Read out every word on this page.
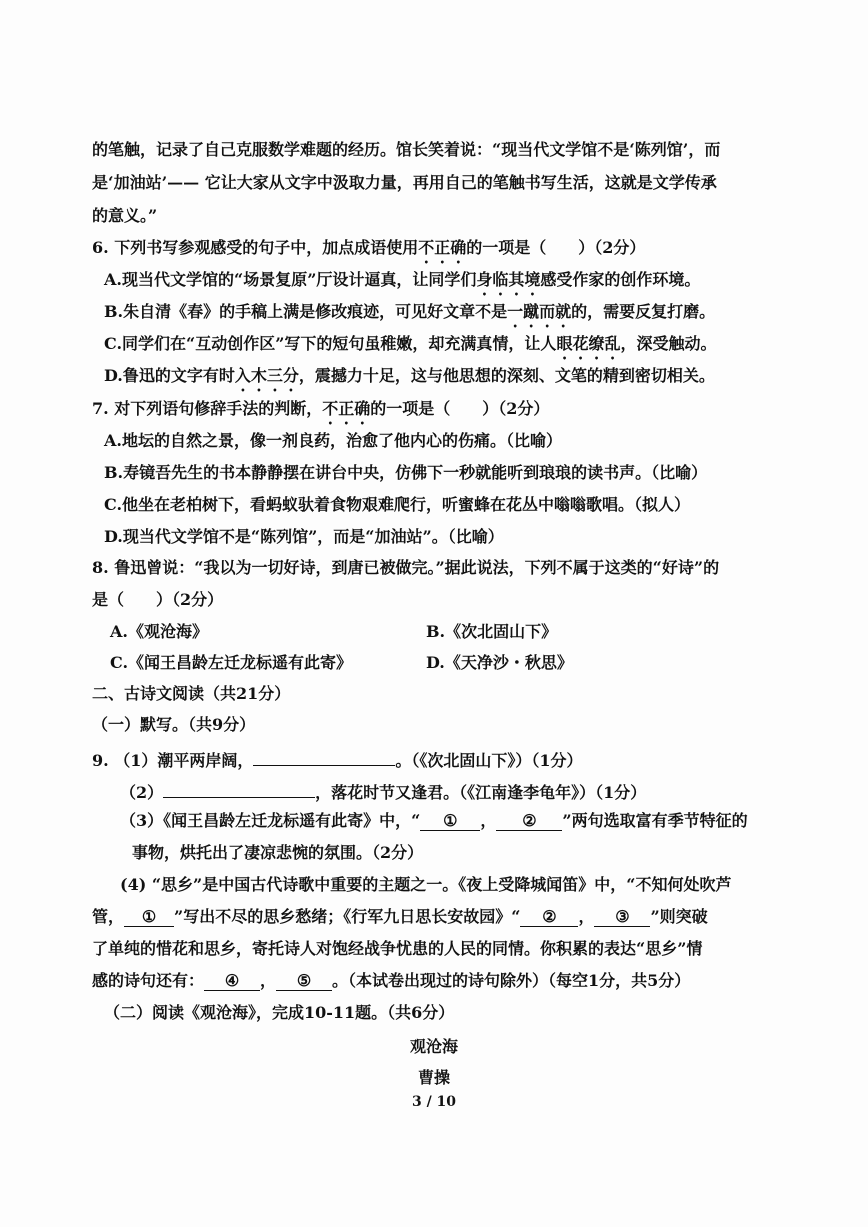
的笔触，记录了自己克服数学难题的经历。馆长笑着说：“现当代文学馆不是‘陈列馆’，而
是‘加油站’—— 它让大家从文字中汲取力量，再用自己的笔触书写生活，这就是文学传承
的意义。”
6. 下列书写参观感受的句子中，加点成语使用不正确的一项是（　　）（2分）
A.现当代文学馆的“场景复原”厅设计逼真，让同学们身临其境感受作家的创作环境。
B.朱自清《春》的手稿上满是修改痕迹，可见好文章不是一蹴而就的，需要反复打磨。
C.同学们在“互动创作区”写下的短句虽稚嫩，却充满真情，让人眼花缭乱，深受触动。
D.鲁迅的文字有时入木三分，震撼力十足，这与他思想的深刻、文笔的精到密切相关。
7. 对下列语句修辞手法的判断，不正确的一项是（　　）（2分）
A.地坛的自然之景，像一剂良药，治愈了他内心的伤痛。（比喻）
B.寿镜吾先生的书本静静摆在讲台中央，仿佛下一秒就能听到琅琅的读书声。（比喻）
C.他坐在老柏树下，看蚂蚁驮着食物艰难爬行，听蜜蜂在花丛中嗡嗡歌唱。（拟人）
D.现当代文学馆不是“陈列馆”，而是“加油站”。（比喻）
8. 鲁迅曾说：“我以为一切好诗，到唐已被做完。”据此说法，下列不属于这类的“好诗”的
是（　　）（2分）
A.《观沧海》	B.《次北固山下》
C.《闻王昌龄左迁龙标遥有此寄》	D.《天净沙・秋思》
二、古诗文阅读（共21分）
（一）默写。（共9分）
9. （1）潮平两岸阔，	。（《次北固山下》）（1分）
（2）	，落花时节又逢君。（《江南逢李龟年》）（1分）
（3）《闻王昌龄左迁龙标遥有此寄》中，“ ① ， ② ”两句选取富有季节特征的
事物，烘托出了凄凉悲惋的氛围。（2分）
(4) “思乡”是中国古代诗歌中重要的主题之一。《夜上受降城闻笛》中，“不知何处吹芦
管， ① ”写出不尽的思乡愁绪；《行军九日思长安故园》“ ② ， ③ ”则突破
了单纯的惜花和思乡，寄托诗人对饱经战争忧患的人民的同情。你积累的表达“思乡”情
感的诗句还有： ④ ， ⑤ 。（本试卷出现过的诗句除外）（每空1分，共5分）
（二）阅读《观沧海》，完成10-11题。（共6分）
观沧海
曹操
3 / 10
